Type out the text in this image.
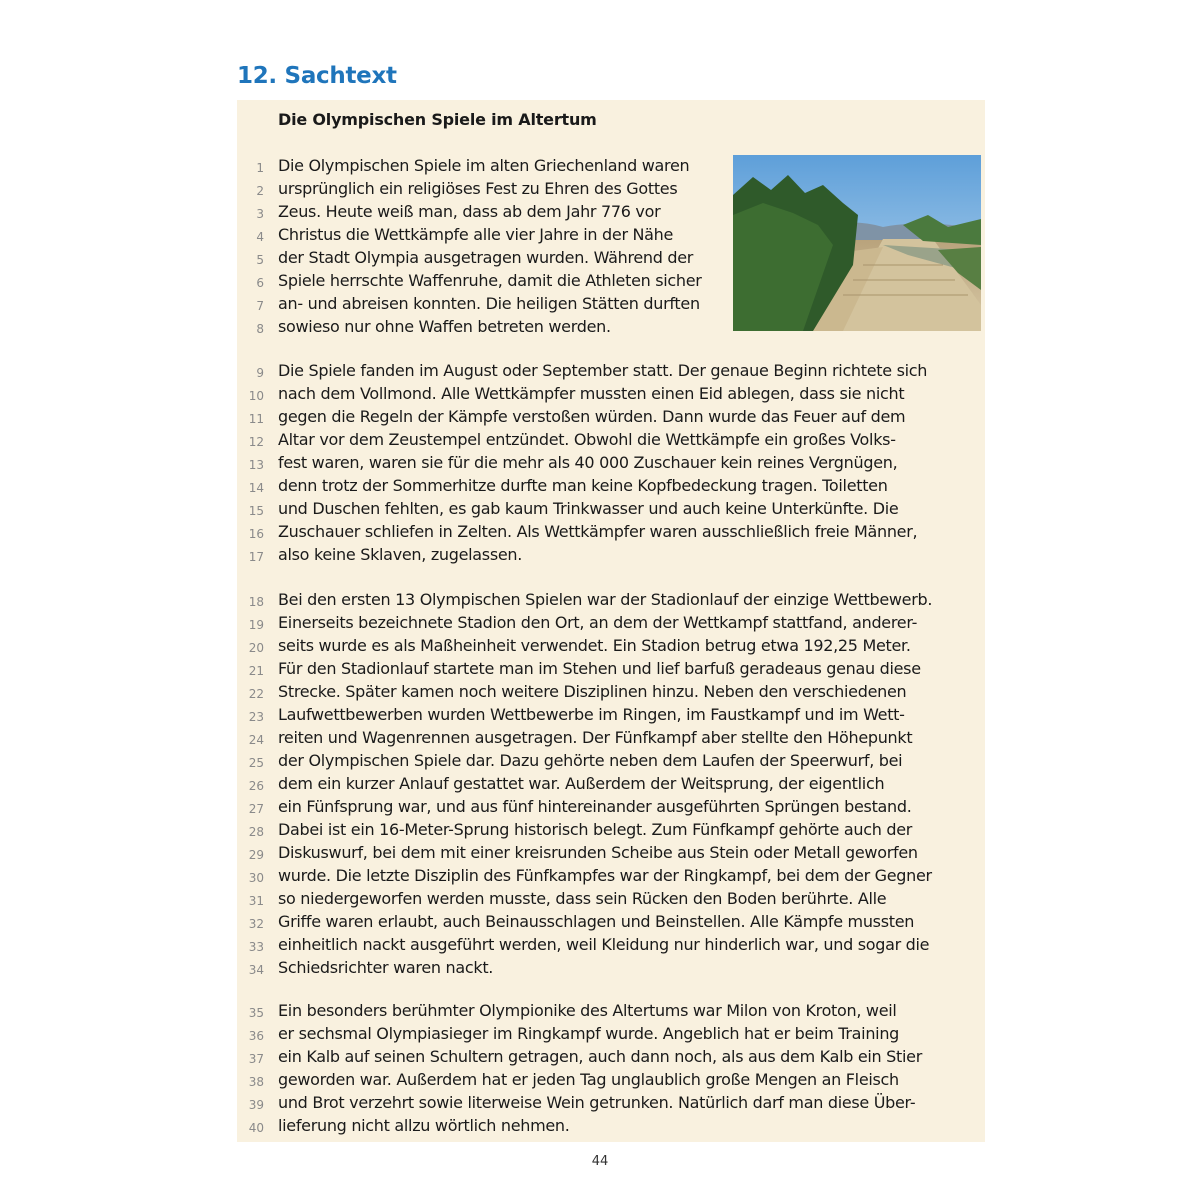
12. Sachtext
Die Olympischen Spiele im Altertum
1 Die Olympischen Spiele im alten Griechenland waren
2 ursprünglich ein religiöses Fest zu Ehren des Gottes
3 Zeus. Heute weiß man, dass ab dem Jahr 776 vor
4 Christus die Wettkämpfe alle vier Jahre in der Nähe
5 der Stadt Olympia ausgetragen wurden. Während der
6 Spiele herrschte Waffenruhe, damit die Athleten sicher
7 an- und abreisen konnten. Die heiligen Stätten durften
8 sowieso nur ohne Waffen betreten werden.
9 Die Spiele fanden im August oder September statt. Der genaue Beginn richtete sich
10 nach dem Vollmond. Alle Wettkämpfer mussten einen Eid ablegen, dass sie nicht
11 gegen die Regeln der Kämpfe verstoßen würden. Dann wurde das Feuer auf dem
12 Altar vor dem Zeustempel entzündet. Obwohl die Wettkämpfe ein großes Volks-
13 fest waren, waren sie für die mehr als 40 000 Zuschauer kein reines Vergnügen,
14 denn trotz der Sommerhitze durfte man keine Kopfbedeckung tragen. Toiletten
15 und Duschen fehlten, es gab kaum Trinkwasser und auch keine Unterkünfte. Die
16 Zuschauer schliefen in Zelten. Als Wettkämpfer waren ausschließlich freie Männer,
17 also keine Sklaven, zugelassen.
18 Bei den ersten 13 Olympischen Spielen war der Stadionlauf der einzige Wettbewerb.
19 Einerseits bezeichnete Stadion den Ort, an dem der Wettkampf stattfand, anderer-
20 seits wurde es als Maßheinheit verwendet. Ein Stadion betrug etwa 192,25 Meter.
21 Für den Stadionlauf startete man im Stehen und lief barfuß geradeaus genau diese
22 Strecke. Später kamen noch weitere Disziplinen hinzu. Neben den verschiedenen
23 Laufwettbewerben wurden Wettbewerbe im Ringen, im Faustkampf und im Wett-
24 reiten und Wagenrennen ausgetragen. Der Fünfkampf aber stellte den Höhepunkt
25 der Olympischen Spiele dar. Dazu gehörte neben dem Laufen der Speerwurf, bei
26 dem ein kurzer Anlauf gestattet war. Außerdem der Weitsprung, der eigentlich
27 ein Fünfsprung war, und aus fünf hintereinander ausgeführten Sprüngen bestand.
28 Dabei ist ein 16-Meter-Sprung historisch belegt. Zum Fünfkampf gehörte auch der
29 Diskuswurf, bei dem mit einer kreisrunden Scheibe aus Stein oder Metall geworfen
30 wurde. Die letzte Disziplin des Fünfkampfes war der Ringkampf, bei dem der Gegner
31 so niedergeworfen werden musste, dass sein Rücken den Boden berührte. Alle
32 Griffe waren erlaubt, auch Beinausschlagen und Beinstellen. Alle Kämpfe mussten
33 einheitlich nackt ausgeführt werden, weil Kleidung nur hinderlich war, und sogar die
34 Schiedsrichter waren nackt.
35 Ein besonders berühmter Olympionike des Altertums war Milon von Kroton, weil
36 er sechsmal Olympiasieger im Ringkampf wurde. Angeblich hat er beim Training
37 ein Kalb auf seinen Schultern getragen, auch dann noch, als aus dem Kalb ein Stier
38 geworden war. Außerdem hat er jeden Tag unglaublich große Mengen an Fleisch
39 und Brot verzehrt sowie literweise Wein getrunken. Natürlich darf man diese Über-
40 lieferung nicht allzu wörtlich nehmen.
44
